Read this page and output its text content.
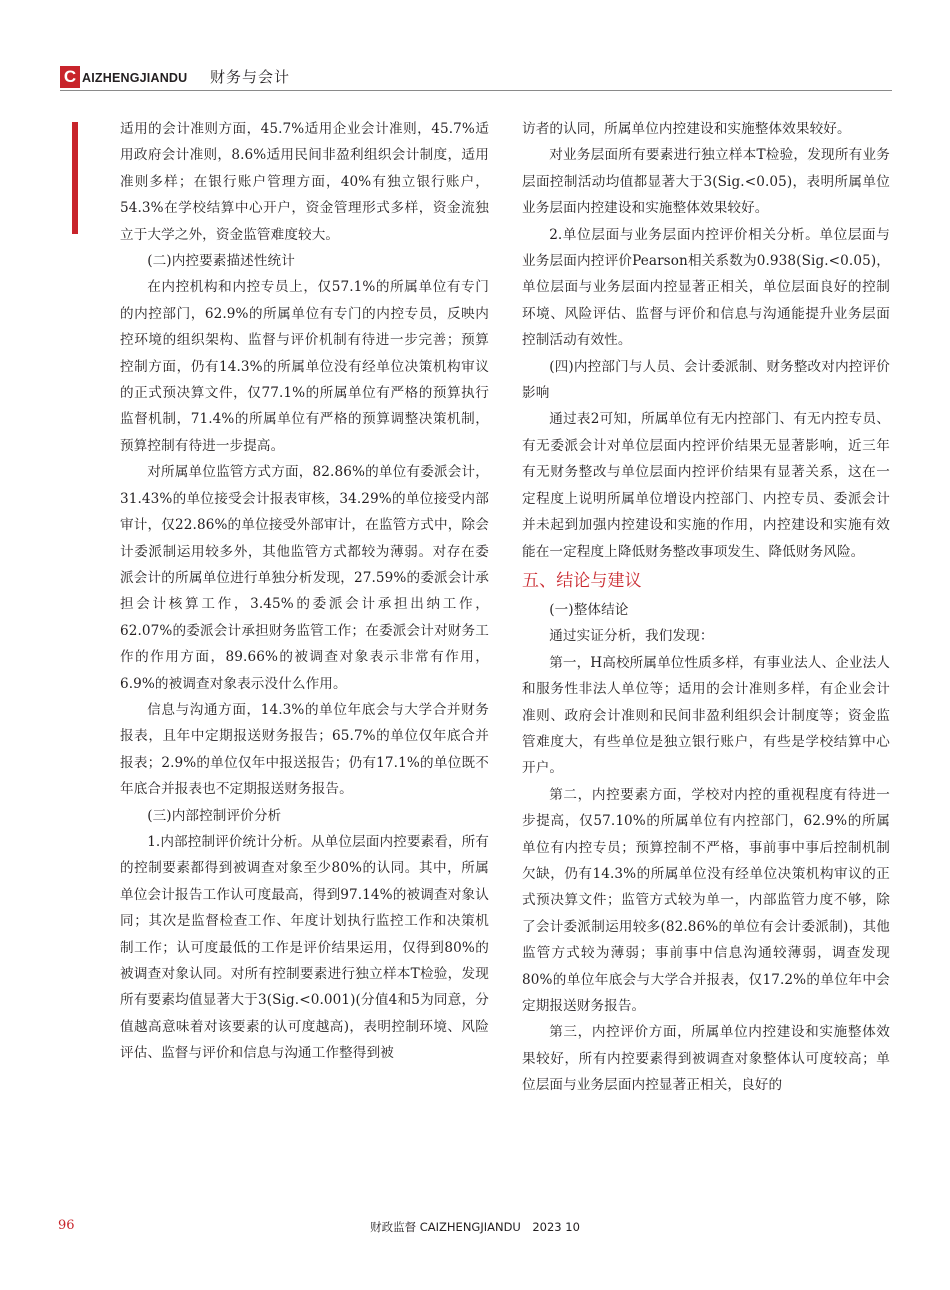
C AIZHENGJIANDU 财务与会计

适用的会计准则方面，45.7%适用企业会计准则，45.7%适用政府会计准则，8.6%适用民间非盈利组织会计制度，适用准则多样；在银行账户管理方面，40%有独立银行账户，54.3%在学校结算中心开户，资金管理形式多样，资金流独立于大学之外，资金监管难度较大。

(二)内控要素描述性统计

在内控机构和内控专员上，仅57.1%的所属单位有专门的内控部门，62.9%的所属单位有专门的内控专员，反映内控环境的组织架构、监督与评价机制有待进一步完善；预算控制方面，仍有14.3%的所属单位没有经单位决策机构审议的正式预决算文件，仅77.1%的所属单位有严格的预算执行监督机制，71.4%的所属单位有严格的预算调整决策机制，预算控制有待进一步提高。

对所属单位监管方式方面，82.86%的单位有委派会计，31.43%的单位接受会计报表审核，34.29%的单位接受内部审计，仅22.86%的单位接受外部审计，在监管方式中，除会计委派制运用较多外，其他监管方式都较为薄弱。对存在委派会计的所属单位进行单独分析发现，27.59%的委派会计承担会计核算工作，3.45%的委派会计承担出纳工作，62.07%的委派会计承担财务监管工作；在委派会计对财务工作的作用方面，89.66%的被调查对象表示非常有作用，6.9%的被调查对象表示没什么作用。

信息与沟通方面，14.3%的单位年底会与大学合并财务报表，且年中定期报送财务报告；65.7%的单位仅年底合并报表；2.9%的单位仅年中报送报告；仍有17.1%的单位既不年底合并报表也不定期报送财务报告。

(三)内部控制评价分析

1.内部控制评价统计分析。从单位层面内控要素看，所有的控制要素都得到被调查对象至少80%的认同。其中，所属单位会计报告工作认可度最高，得到97.14%的被调查对象认同；其次是监督检查工作、年度计划执行监控工作和决策机制工作；认可度最低的工作是评价结果运用，仅得到80%的被调查对象认同。对所有控制要素进行独立样本T检验，发现所有要素均值显著大于3(Sig.<0.001)(分值4和5为同意，分值越高意味着对该要素的认可度越高)，表明控制环境、风险评估、监督与评价和信息与沟通工作整得到被

访者的认同，所属单位内控建设和实施整体效果较好。

对业务层面所有要素进行独立样本T检验，发现所有业务层面控制活动均值都显著大于3(Sig.<0.05)，表明所属单位业务层面内控建设和实施整体效果较好。

2.单位层面与业务层面内控评价相关分析。单位层面与业务层面内控评价Pearson相关系数为0.938(Sig.<0.05)，单位层面与业务层面内控显著正相关，单位层面良好的控制环境、风险评估、监督与评价和信息与沟通能提升业务层面控制活动有效性。

(四)内控部门与人员、会计委派制、财务整改对内控评价影响

通过表2可知，所属单位有无内控部门、有无内控专员、有无委派会计对单位层面内控评价结果无显著影响，近三年有无财务整改与单位层面内控评价结果有显著关系，这在一定程度上说明所属单位增设内控部门、内控专员、委派会计并未起到加强内控建设和实施的作用，内控建设和实施有效能在一定程度上降低财务整改事项发生、降低财务风险。

五、结论与建议

(一)整体结论

通过实证分析，我们发现：

第一，H高校所属单位性质多样，有事业法人、企业法人和服务性非法人单位等；适用的会计准则多样，有企业会计准则、政府会计准则和民间非盈利组织会计制度等；资金监管难度大，有些单位是独立银行账户，有些是学校结算中心开户。

第二，内控要素方面，学校对内控的重视程度有待进一步提高，仅57.10%的所属单位有内控部门，62.9%的所属单位有内控专员；预算控制不严格，事前事中事后控制机制欠缺，仍有14.3%的所属单位没有经单位决策机构审议的正式预决算文件；监管方式较为单一，内部监管力度不够，除了会计委派制运用较多(82.86%的单位有会计委派制)，其他监管方式较为薄弱；事前事中信息沟通较薄弱，调查发现80%的单位年底会与大学合并报表，仅17.2%的单位年中会定期报送财务报告。

第三，内控评价方面，所属单位内控建设和实施整体效果较好，所有内控要素得到被调查对象整体认可度较高；单位层面与业务层面内控显著正相关，良好的

96	财政监督 CAIZHENGJIANDU　2023 10
